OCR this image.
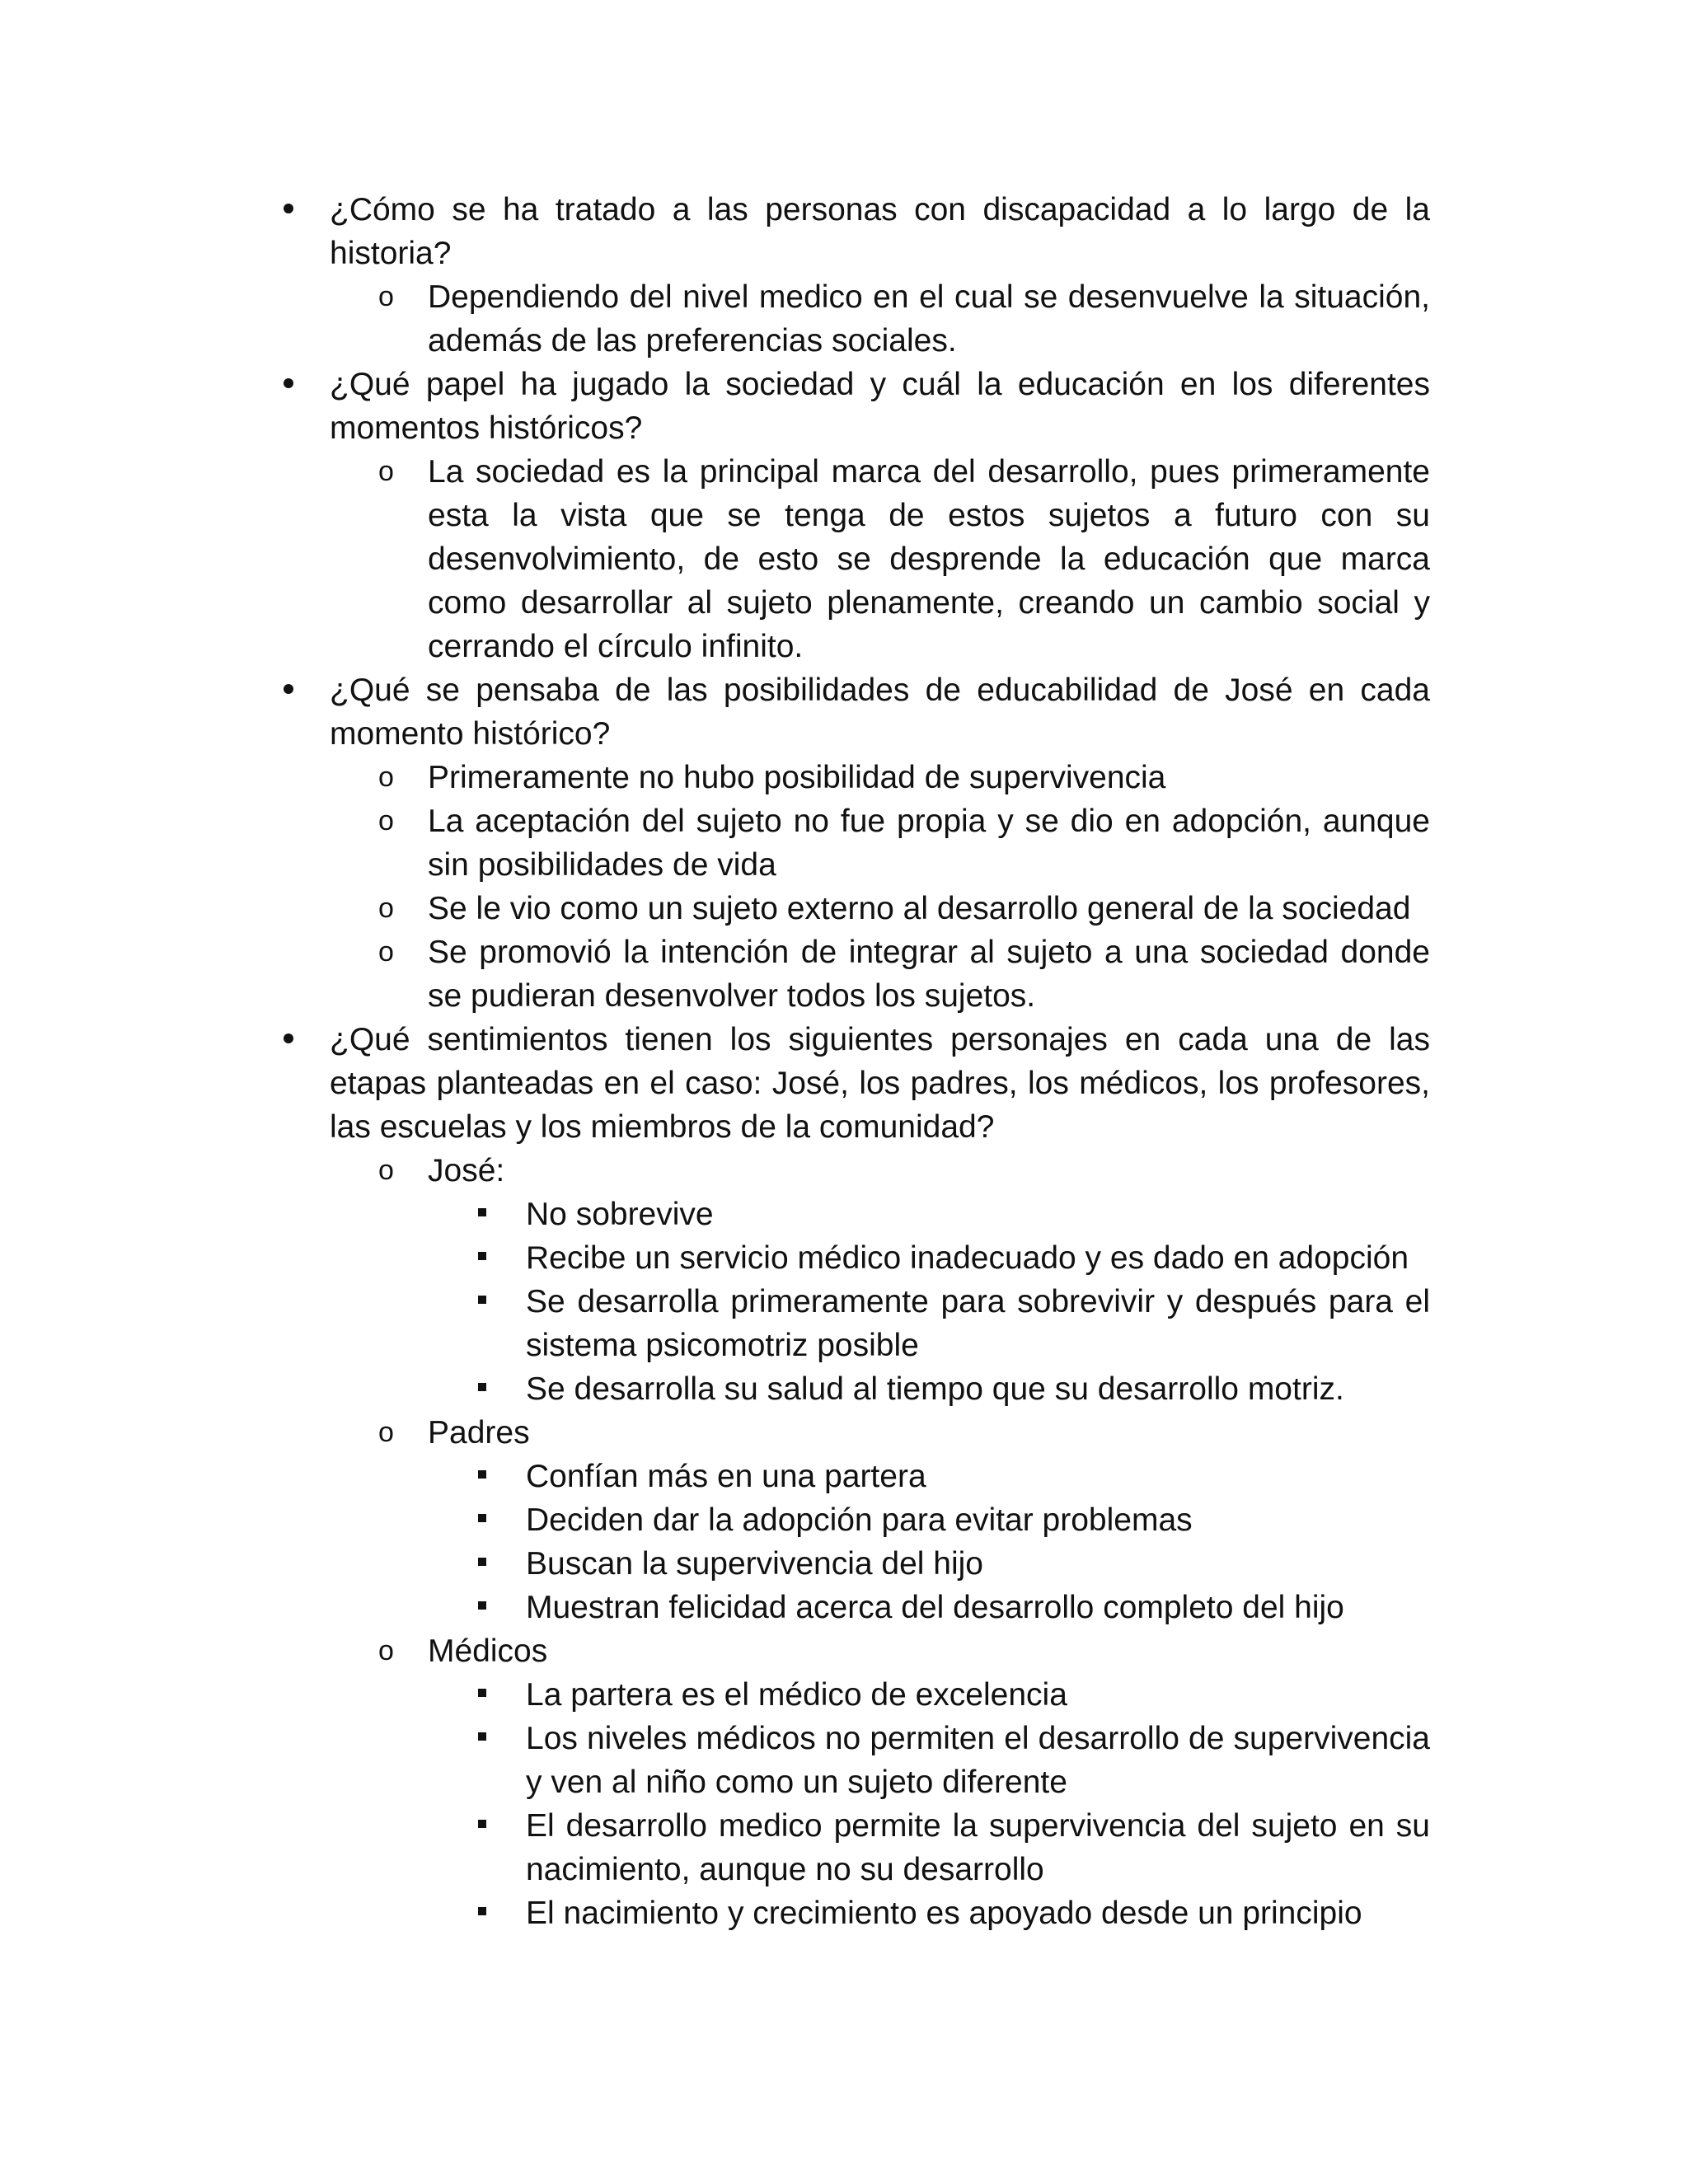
¿Cómo se ha tratado a las personas con discapacidad a lo largo de la historia?
o	Dependiendo del nivel medico en el cual se desenvuelve la situación, además de las preferencias sociales.
¿Qué papel ha jugado la sociedad y cuál la educación en los diferentes momentos históricos?
o	La sociedad es la principal marca del desarrollo, pues primeramente esta la vista que se tenga de estos sujetos a futuro con su desenvolvimiento, de esto se desprende la educación que marca como desarrollar al sujeto plenamente, creando un cambio social y cerrando el círculo infinito.
¿Qué se pensaba de las posibilidades de educabilidad de José en cada momento histórico?
o	Primeramente no hubo posibilidad de supervivencia
o	La aceptación del sujeto no fue propia y se dio en adopción, aunque sin posibilidades de vida
o	Se le vio como un sujeto externo al desarrollo general de la sociedad
o	Se promovió la intención de integrar al sujeto a una sociedad donde se pudieran desenvolver todos los sujetos.
¿Qué sentimientos tienen los siguientes personajes en cada una de las etapas planteadas en el caso: José, los padres, los médicos, los profesores, las escuelas y los miembros de la comunidad?
o	José:
No sobrevive
Recibe un servicio médico inadecuado y es dado en adopción
Se desarrolla primeramente para sobrevivir y después para el sistema psicomotriz posible
Se desarrolla su salud al tiempo que su desarrollo motriz.
o	Padres
Confían más en una partera
Deciden dar la adopción para evitar problemas
Buscan la supervivencia del hijo
Muestran felicidad acerca del desarrollo completo del hijo
o	Médicos
La partera es el médico de excelencia
Los niveles médicos no permiten el desarrollo de supervivencia y ven al niño como un sujeto diferente
El desarrollo medico permite la supervivencia del sujeto en su nacimiento, aunque no su desarrollo
El nacimiento y crecimiento es apoyado desde un principio
